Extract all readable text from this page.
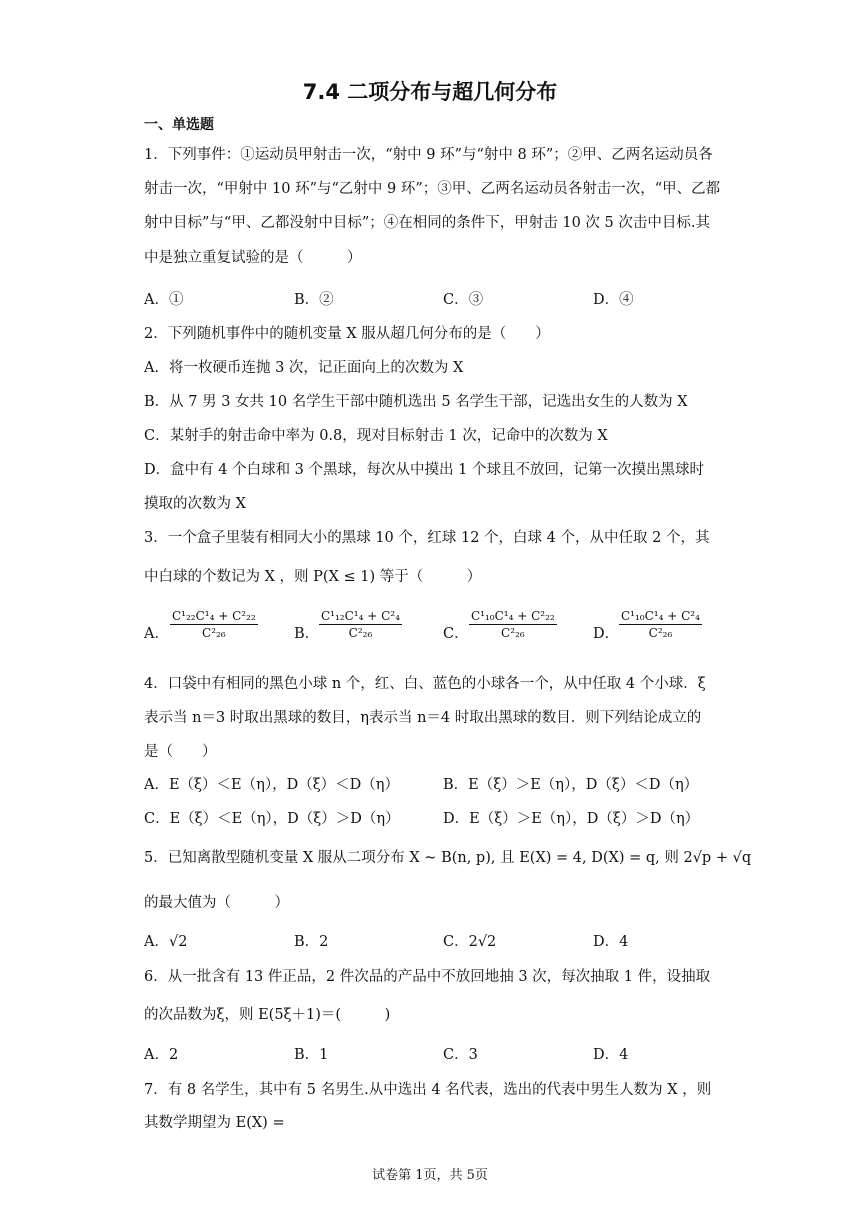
7.4 二项分布与超几何分布
一、单选题
1．下列事件：①运动员甲射击一次，“射中 9 环”与“射中 8 环”；②甲、乙两名运动员各
射击一次，“甲射中 10 环”与“乙射中 9 环”；③甲、乙两名运动员各射击一次，“甲、乙都
射中目标”与“甲、乙都没射中目标”；④在相同的条件下，甲射击 10 次 5 次击中目标.其
中是独立重复试验的是（　　　）
A．①	B．②	C．③	D．④
2．下列随机事件中的随机变量 X 服从超几何分布的是（　　）
A．将一枚硬币连抛 3 次，记正面向上的次数为 X
B．从 7 男 3 女共 10 名学生干部中随机选出 5 名学生干部，记选出女生的人数为 X
C．某射手的射击命中率为 0.8，现对目标射击 1 次，记命中的次数为 X
D．盒中有 4 个白球和 3 个黑球，每次从中摸出 1 个球且不放回，记第一次摸出黑球时
摸取的次数为 X
3．一个盒子里装有相同大小的黑球 10 个，红球 12 个，白球 4 个，从中任取 2 个，其
中白球的个数记为 X ，则 P(X ≤ 1) 等于（　　　）
A． $\frac{\text{C¹₂₂C¹₄ + C²₂₂}}{\text{C²₂₆}}$	B． $\frac{\text{C¹₁₂C¹₄ + C²₄}}{\text{C²₂₆}}$	C． $\frac{\text{C¹₁₀C¹₄ + C²₂₂}}{\text{C²₂₆}}$	D． $\frac{\text{C¹₁₀C¹₄ + C²₄}}{\text{C²₂₆}}$
4．口袋中有相同的黑色小球 n 个，红、白、蓝色的小球各一个，从中任取 4 个小球．ξ
表示当 n＝3 时取出黑球的数目，η表示当 n＝4 时取出黑球的数目．则下列结论成立的
是（　　）
A．E（ξ）＜E（η），D（ξ）＜D（η）	B．E（ξ）＞E（η），D（ξ）＜D（η）
C．E（ξ）＜E（η），D（ξ）＞D（η）	D．E（ξ）＞E（η），D（ξ）＞D（η）
5．已知离散型随机变量 X 服从二项分布 X ~ B(n, p), 且 E(X) = 4, D(X) = q, 则 2√p + √q
的最大值为（　　　）
A．√2	B．2	C．2√2	D．4
6．从一批含有 13 件正品，2 件次品的产品中不放回地抽 3 次，每次抽取 1 件，设抽取
的次品数为ξ，则 E(5ξ＋1)＝(　　　)
A．2	B．1	C．3	D．4
7．有 8 名学生，其中有 5 名男生.从中选出 4 名代表，选出的代表中男生人数为 X ，则
其数学期望为 E(X) =
试卷第 1页，共 5页
